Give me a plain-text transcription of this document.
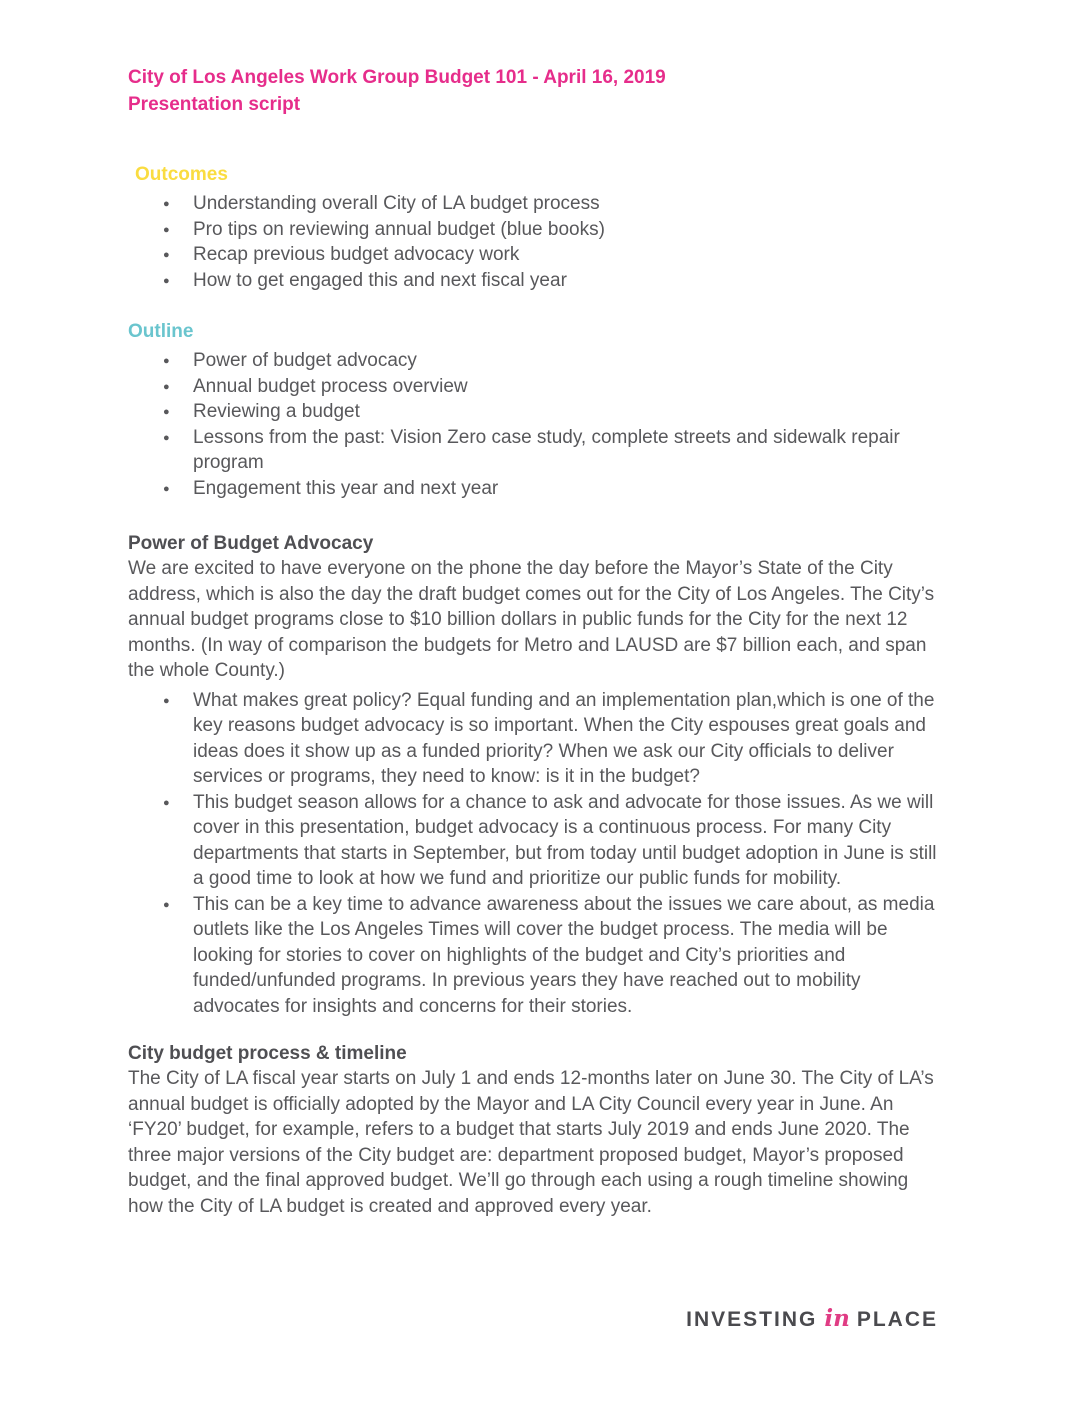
City of Los Angeles Work Group Budget 101 - April 16, 2019
Presentation script
Outcomes
● Understanding overall City of LA budget process
● Pro tips on reviewing annual budget (blue books)
● Recap previous budget advocacy work
● How to get engaged this and next fiscal year
Outline
● Power of budget advocacy
● Annual budget process overview
● Reviewing a budget
● Lessons from the past: Vision Zero case study, complete streets and sidewalk repair program
● Engagement this year and next year
Power of Budget Advocacy

We are excited to have everyone on the phone the day before the Mayor’s State of the City address, which is also the day the draft budget comes out for the City of Los Angeles. The City’s annual budget programs close to $10 billion dollars in public funds for the City for the next 12 months. (In way of comparison the budgets for Metro and LAUSD are $7 billion each, and span the whole County.)

● What makes great policy? Equal funding and an implementation plan,which is one of the key reasons budget advocacy is so important. When the City espouses great goals and ideas does it show up as a funded priority? When we ask our City officials to deliver services or programs, they need to know: is it in the budget?
● This budget season allows for a chance to ask and advocate for those issues. As we will cover in this presentation, budget advocacy is a continuous process. For many City departments that starts in September, but from today until budget adoption in June is still a good time to look at how we fund and prioritize our public funds for mobility.
● This can be a key time to advance awareness about the issues we care about, as media outlets like the Los Angeles Times will cover the budget process. The media will be looking for stories to cover on highlights of the budget and City’s priorities and funded/unfunded programs. In previous years they have reached out to mobility advocates for insights and concerns for their stories.
City budget process & timeline

The City of LA fiscal year starts on July 1 and ends 12-months later on June 30. The City of LA’s annual budget is officially adopted by the Mayor and LA City Council every year in June. An ‘FY20’ budget, for example, refers to a budget that starts July 2019 and ends June 2020. The three major versions of the City budget are: department proposed budget, Mayor’s proposed budget, and the final approved budget. We’ll go through each using a rough timeline showing how the City of LA budget is created and approved every year.

INVESTING in PLACE
